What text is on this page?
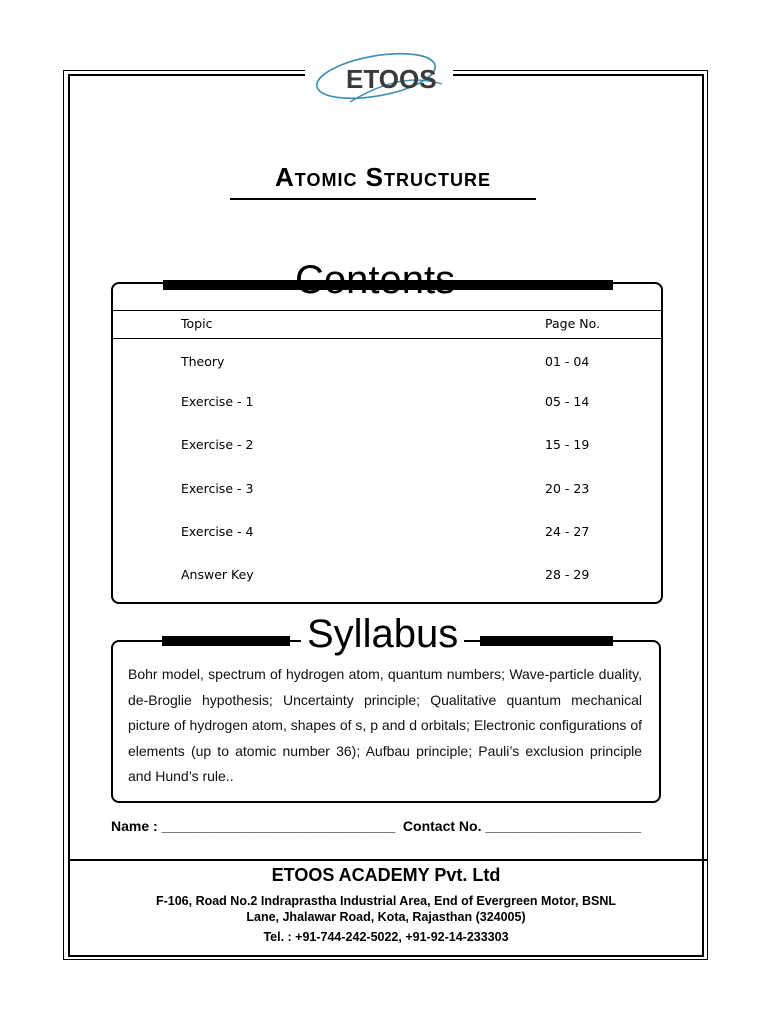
ETOOS
Atomic Structure
Contents
Topic	Page No.
Theory	01 - 04
Exercise - 1	05 - 14
Exercise - 2	15 - 19
Exercise - 3	20 - 23
Exercise - 4	24 - 27
Answer Key	28 - 29
Syllabus
Bohr model, spectrum of hydrogen atom, quantum numbers; Wave-particle duality, de-Broglie hypothesis; Uncertainty principle; Qualitative quantum mechanical picture of hydrogen atom, shapes of s, p and d orbitals; Electronic configurations of elements (up to atomic number 36); Aufbau principle; Pauli’s exclusion principle and Hund’s rule..
Name : ______________________________  Contact No. ____________________
ETOOS ACADEMY Pvt. Ltd
F-106, Road No.2 Indraprastha Industrial Area, End of Evergreen Motor, BSNL
Lane, Jhalawar Road, Kota, Rajasthan (324005)
Tel. : +91-744-242-5022, +91-92-14-233303
